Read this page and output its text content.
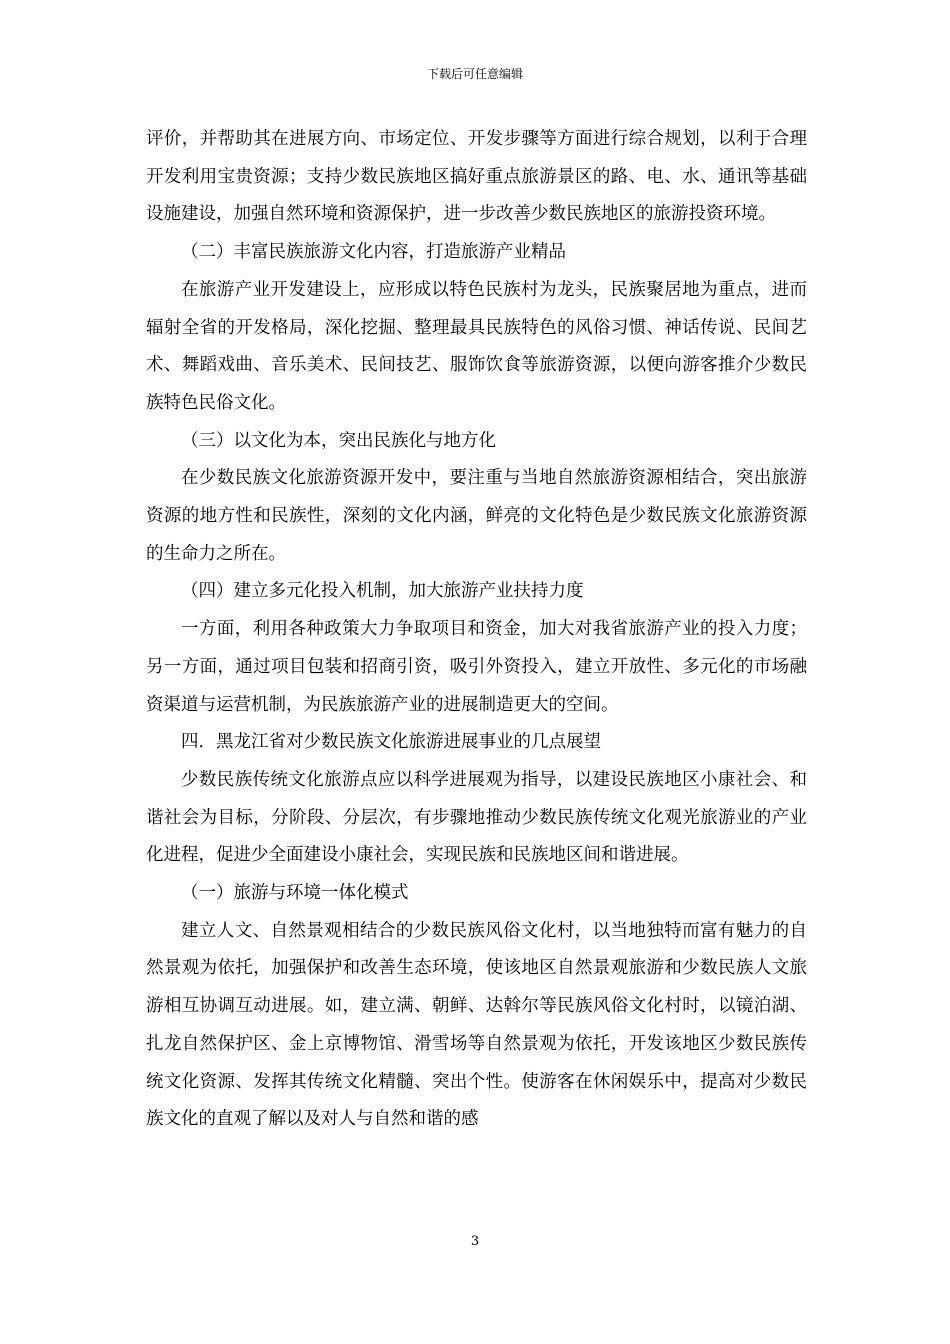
下载后可任意编辑

评价，并帮助其在进展方向、市场定位、开发步骤等方面进行综合规划，以利于合理开发利用宝贵资源；支持少数民族地区搞好重点旅游景区的路、电、水、通讯等基础设施建设，加强自然环境和资源保护，进一步改善少数民族地区的旅游投资环境。

（二）丰富民族旅游文化内容，打造旅游产业精品

在旅游产业开发建设上，应形成以特色民族村为龙头，民族聚居地为重点，进而辐射全省的开发格局，深化挖掘、整理最具民族特色的风俗习惯、神话传说、民间艺术、舞蹈戏曲、音乐美术、民间技艺、服饰饮食等旅游资源，以便向游客推介少数民族特色民俗文化。

（三）以文化为本，突出民族化与地方化

在少数民族文化旅游资源开发中，要注重与当地自然旅游资源相结合，突出旅游资源的地方性和民族性，深刻的文化内涵，鲜亮的文化特色是少数民族文化旅游资源的生命力之所在。

（四）建立多元化投入机制，加大旅游产业扶持力度

一方面，利用各种政策大力争取项目和资金，加大对我省旅游产业的投入力度；另一方面，通过项目包装和招商引资，吸引外资投入，建立开放性、多元化的市场融资渠道与运营机制，为民族旅游产业的进展制造更大的空间。

四．黑龙江省对少数民族文化旅游进展事业的几点展望

少数民族传统文化旅游点应以科学进展观为指导，以建设民族地区小康社会、和谐社会为目标，分阶段、分层次，有步骤地推动少数民族传统文化观光旅游业的产业化进程，促进少全面建设小康社会，实现民族和民族地区间和谐进展。

（一）旅游与环境一体化模式

建立人文、自然景观相结合的少数民族风俗文化村，以当地独特而富有魅力的自然景观为依托，加强保护和改善生态环境，使该地区自然景观旅游和少数民族人文旅游相互协调互动进展。如，建立满、朝鲜、达斡尔等民族风俗文化村时，以镜泊湖、扎龙自然保护区、金上京博物馆、滑雪场等自然景观为依托，开发该地区少数民族传统文化资源、发挥其传统文化精髓、突出个性。使游客在休闲娱乐中，提高对少数民族文化的直观了解以及对人与自然和谐的感

3
